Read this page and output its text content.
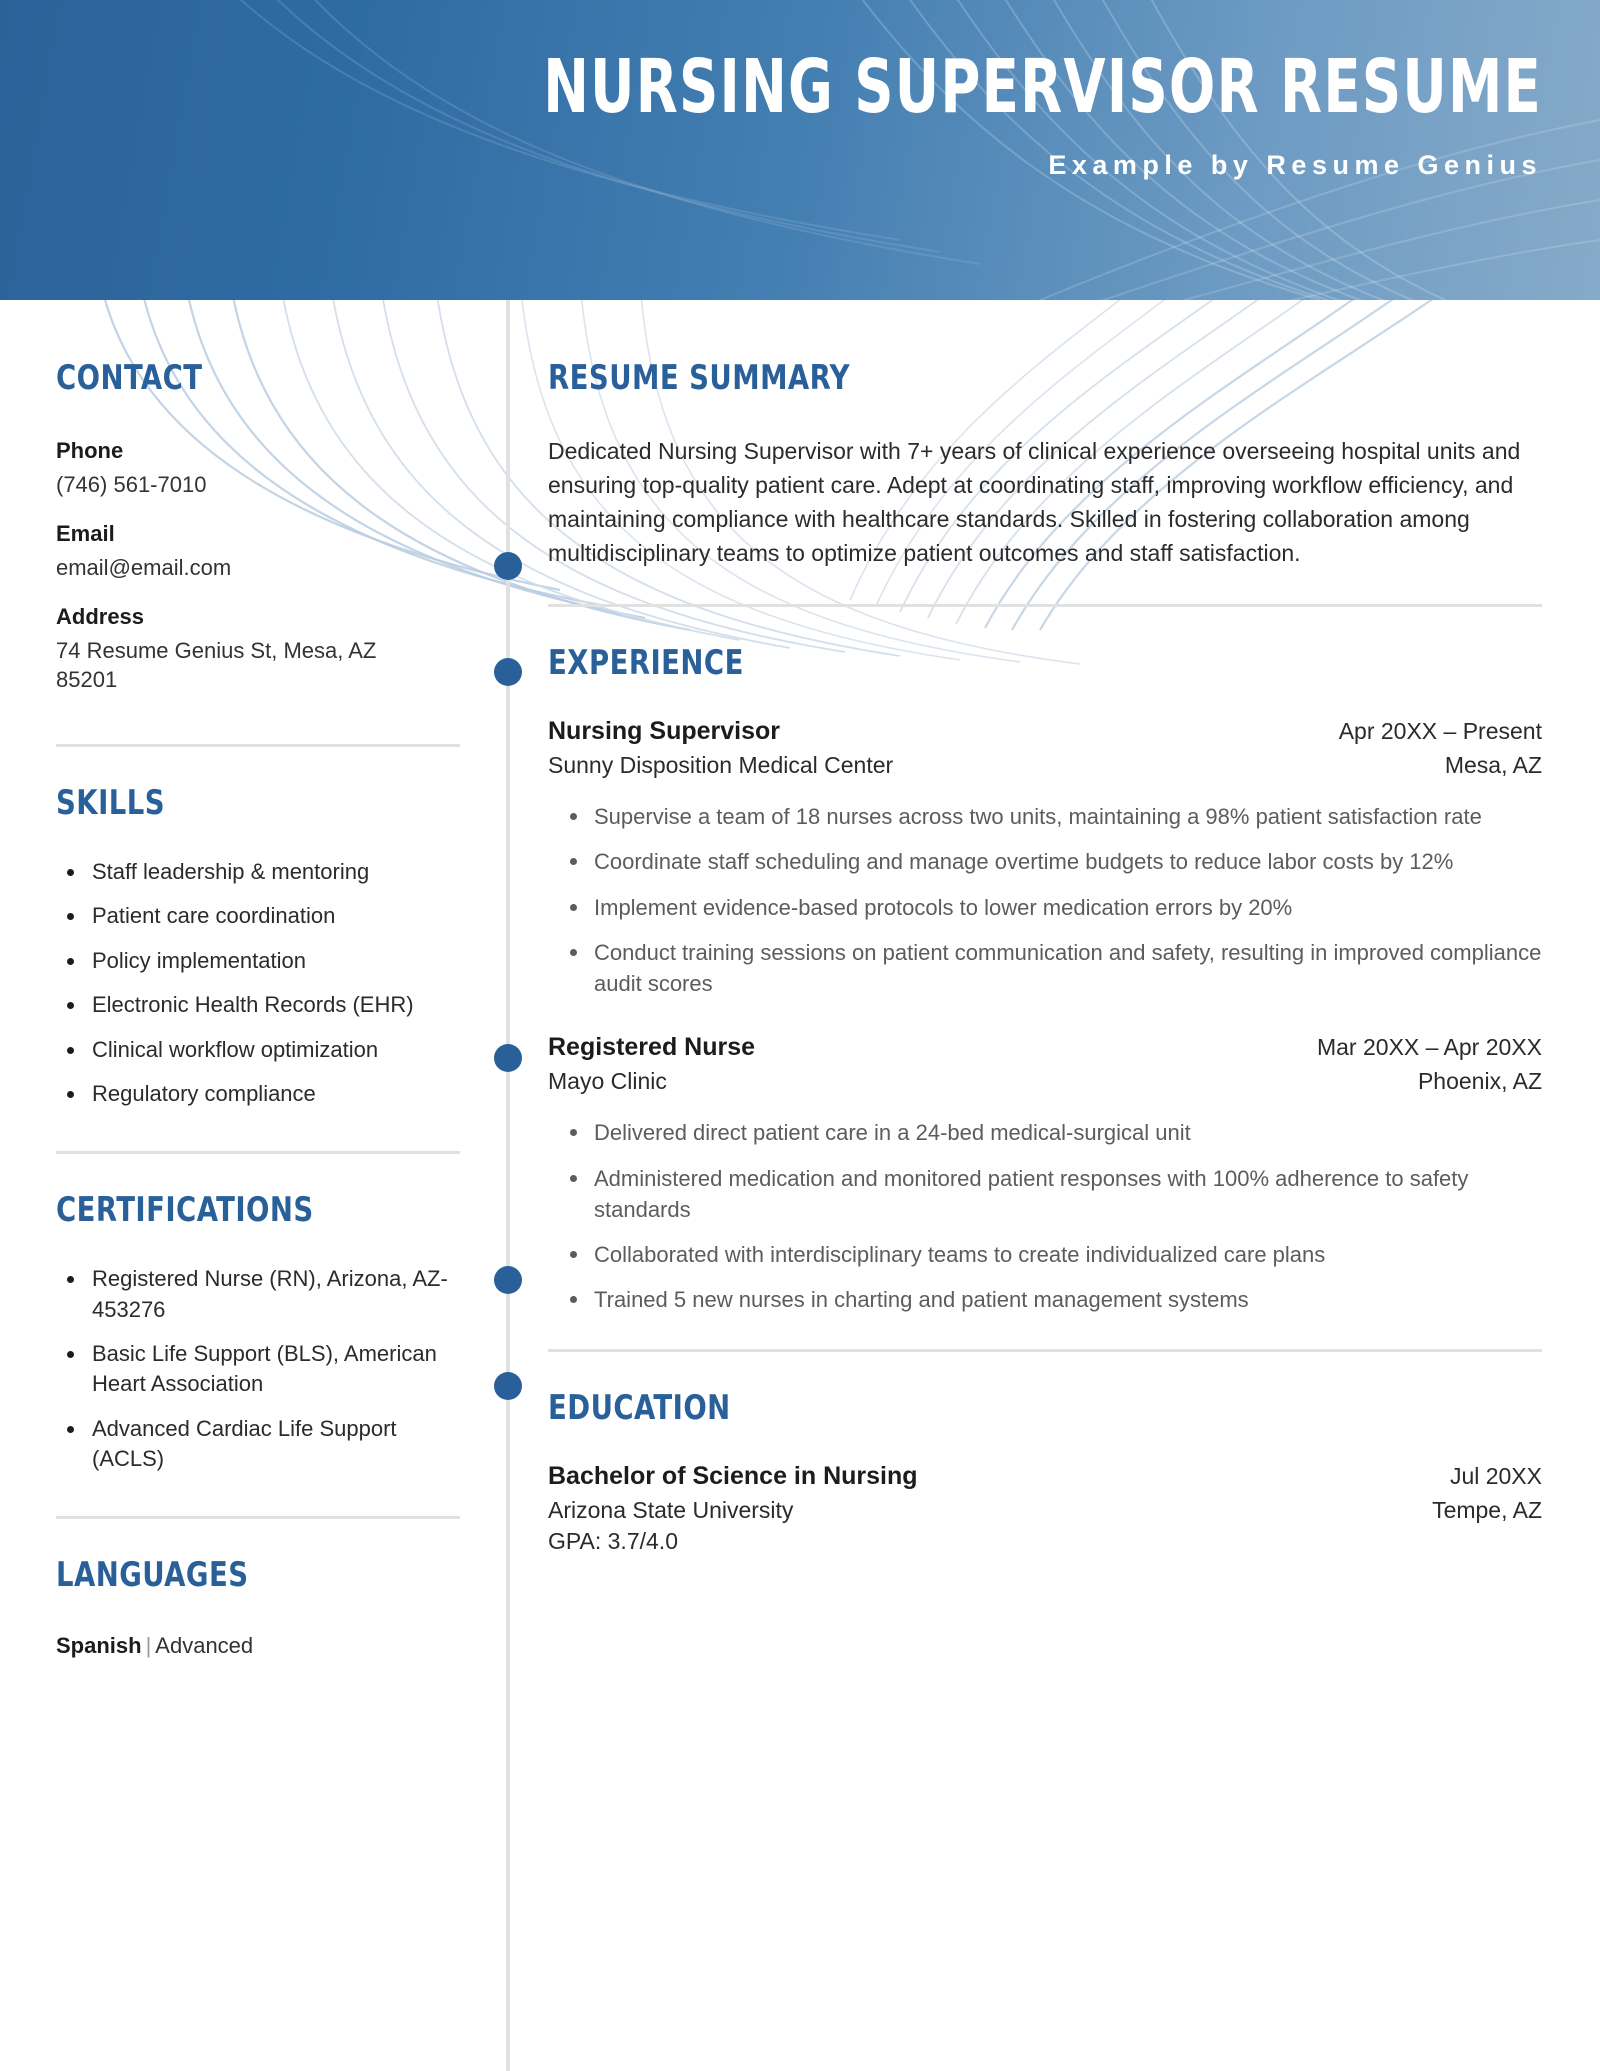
NURSING SUPERVISOR RESUME
Example by Resume Genius
CONTACT
Phone
(746) 561-7010
Email
email@email.com
Address
74 Resume Genius St, Mesa, AZ 85201
SKILLS
Staff leadership & mentoring
Patient care coordination
Policy implementation
Electronic Health Records (EHR)
Clinical workflow optimization
Regulatory compliance
CERTIFICATIONS
Registered Nurse (RN), Arizona, AZ-453276
Basic Life Support (BLS), American Heart Association
Advanced Cardiac Life Support (ACLS)
LANGUAGES
Spanish | Advanced
RESUME SUMMARY
Dedicated Nursing Supervisor with 7+ years of clinical experience overseeing hospital units and ensuring top-quality patient care. Adept at coordinating staff, improving workflow efficiency, and maintaining compliance with healthcare standards. Skilled in fostering collaboration among multidisciplinary teams to optimize patient outcomes and staff satisfaction.
EXPERIENCE
Nursing Supervisor	Apr 20XX – Present
Sunny Disposition Medical Center	Mesa, AZ
Supervise a team of 18 nurses across two units, maintaining a 98% patient satisfaction rate
Coordinate staff scheduling and manage overtime budgets to reduce labor costs by 12%
Implement evidence-based protocols to lower medication errors by 20%
Conduct training sessions on patient communication and safety, resulting in improved compliance audit scores
Registered Nurse	Mar 20XX – Apr 20XX
Mayo Clinic	Phoenix, AZ
Delivered direct patient care in a 24-bed medical-surgical unit
Administered medication and monitored patient responses with 100% adherence to safety standards
Collaborated with interdisciplinary teams to create individualized care plans
Trained 5 new nurses in charting and patient management systems
EDUCATION
Bachelor of Science in Nursing	Jul 20XX
Arizona State University	Tempe, AZ
GPA: 3.7/4.0
